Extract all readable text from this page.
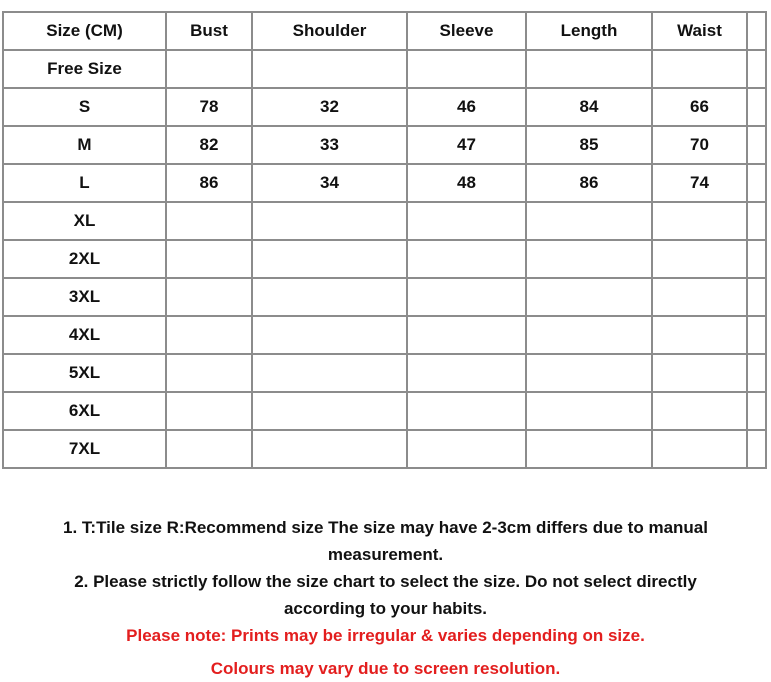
Size (CM)	Bust	Shoulder	Sleeve	Length	Waist	
Free Size						
S	78	32	46	84	66	
M	82	33	47	85	70	
L	86	34	48	86	74	
XL						
2XL						
3XL						
4XL						
5XL						
6XL						
7XL						

1. T:Tile size R:Recommend size The size may have 2-3cm differs due to manual

measurement.

2. Please strictly follow the size chart to select the size. Do not select directly

according to your habits.

Please note: Prints may be irregular & varies depending on size.

Colours may vary due to screen resolution.
